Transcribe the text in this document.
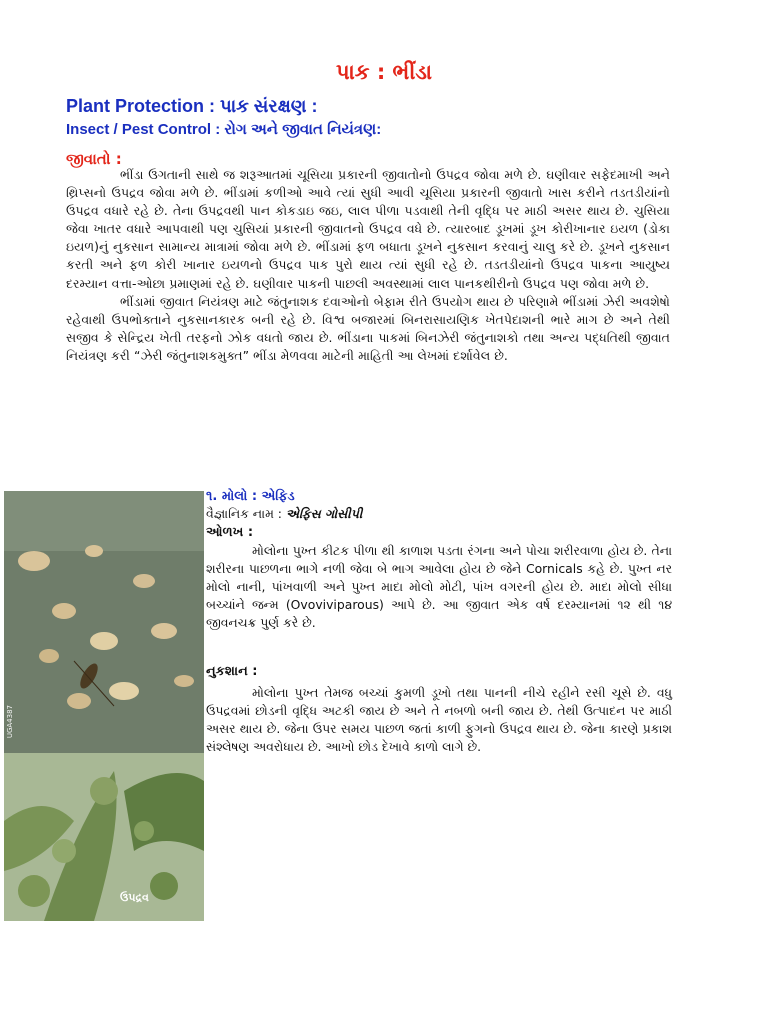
પાક : ભીંડા
Plant Protection : પાક સંરક્ષણ :
Insect / Pest Control : રોગ અને જીવાત નિયંત્રણ:
જીવાતો :

ભીંડા ઉગતાની સાથે જ શરૂઆતમાં ચૂસિયા પ્રકારની જીવાતોનો ઉપદ્રવ જોવા મળે છે. ઘણીવાર સફેદમાખી અને થ્રિપ્સનો ઉપદ્રવ જોવા મળે છે. ભીંડામાં કળીઓ આવે ત્યાં સુધી આવી ચૂસિયા પ્રકારની જીવાતો ખાસ કરીને તડતડીયાંનો ઉપદ્રવ વધારે રહે છે. તેના ઉપદ્રવથી પાન કોકડાઇ જઇ, લાલ પીળા પડવાથી તેની વૃદ્ધિ પર માઠી અસર થાય છે. ચુસિયા જેવા ખાતર વધારે આપવાથી પણ ચુસિયાં પ્રકારની જીવાતનો ઉપદ્રવ વધે છે. ત્યારબાદ ડૂખમાં ડૂખ કોરીખાનાર ઇયળ (ડોકા ઇયળ)નું નુકસાન સામાન્ય માત્રામાં જોવા મળે છે. ભીંડામાં ફળ બધાતા ડૂખને નુકસાન કરવાનું ચાલુ કરે છે. ડૂખને નુકસાન કરતી અને ફળ કોરી ખાનાર ઇયળનો ઉપદ્રવ પાક પુરો થાય ત્યાં સુધી રહે છે. તડતડીયાંનો ઉપદ્રવ પાકના આયુષ્ય દરમ્યાન વત્તા-ઓછા પ્રમાણમાં રહે છે. ઘણીવાર પાકની પાછલી અવસ્થામાં લાલ પાનકથીરીનો ઉપદ્રવ પણ જોવા મળે છે.

ભીંડામાં જીવાત નિયંત્રણ માટે જંતુનાશક દવાઓનો બેફામ રીતે ઉપયોગ થાય છે પરિણામે ભીંડામાં ઝેરી અવશેષો રહેવાથી ઉપભોક્તાને નુકસાનકારક બની રહે છે. વિશ્વ બજારમાં બિનરાસાયણિક ખેતપેદાશની ભારે માગ છે અને તેથી સજીવ કે સેન્દ્રિય ખેતી તરફનો ઝોક વધતો જાય છે. ભીંડાના પાકમાં બિનઝેરી જંતુનાશકો તથા અન્ય પદ્ધતિથી જીવાત નિયંત્રણ કરી “ઝેરી જંતુનાશકમુક્ત” ભીંડા મેળવવા માટેની માહિતી આ લેખમાં દર્શાવેલ છે.

UGA4387
ઉપદ્રવ
૧. મોલો : એફિડ
વૈજ્ઞાનિક નામ : એફિસ ગોસીપી
ઓળખ :

મોલોના પુખ્ત કીટક પીળા થી કાળાશ પડતા રંગના અને પોચા શરીરવાળા હોય છે. તેના શરીરના પાછળના ભાગે નળી જેવા બે ભાગ આવેલા હોય છે જેને Cornicals કહે છે. પુખ્ત નર મોલો નાની, પાંખવાળી અને પુખ્ત માદા મોલો મોટી, પાંખ વગરની હોય છે. માદા મોલો સીધા બચ્ચાંને જન્મ (Ovoviviparous) આપે છે. આ જીવાત એક વર્ષ દરમ્યાનમાં ૧૨ થી ૧૪ જીવનચક્ર પુર્ણ કરે છે.

નુકશાન :

મોલોના પુખ્ત તેમજ બચ્ચાં કુમળી ડૂખો તથા પાનની નીચે રહીને રસી ચૂસે છે. વધુ ઉપદ્રવમાં છોડની વૃદ્ધિ અટકી જાય છે અને તે નબળો બની જાય છે. તેથી ઉત્પાદન પર માઠી અસર થાય છે. જેના ઉપર સમય પાછળ જતાં કાળી ફુગનો ઉપદ્રવ થાય છે. જેના કારણે પ્રકાશ સંશ્લેષણ અવરોધાય છે. આખો છોડ દેખાવે કાળો લાગે છે.
